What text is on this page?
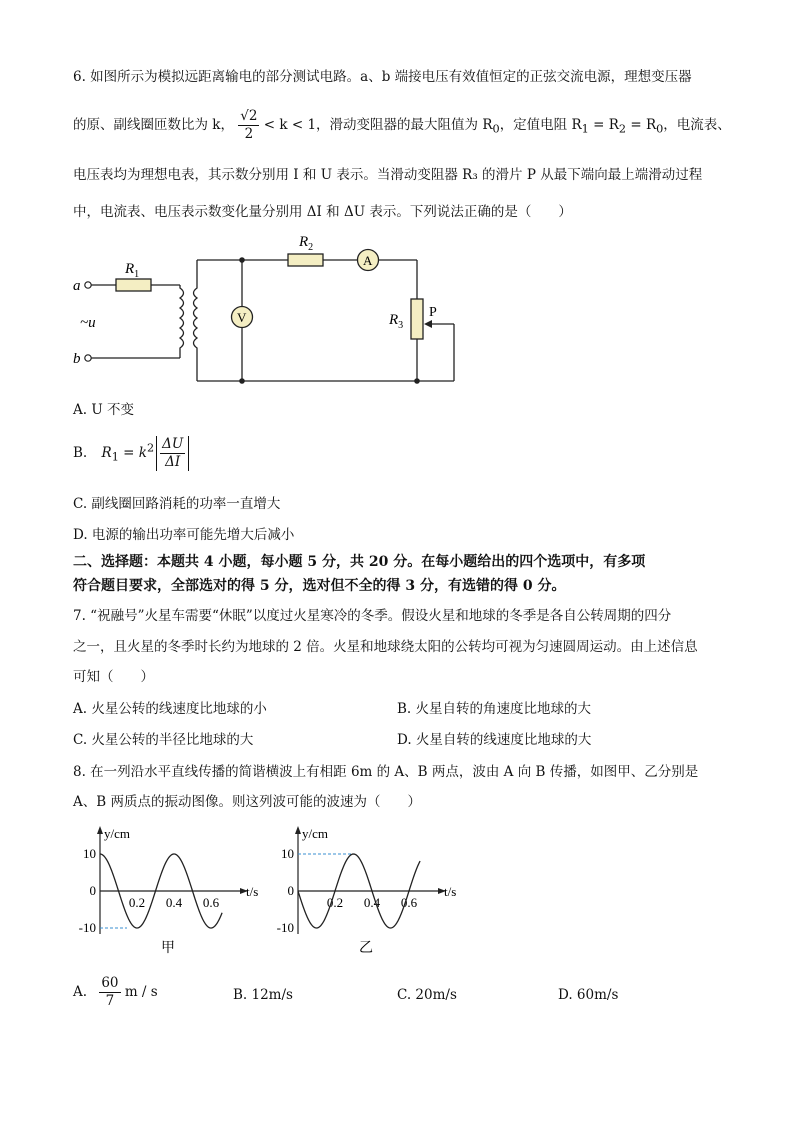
6. 如图所示为模拟远距离输电的部分测试电路。a、b 端接电压有效值恒定的正弦交流电源，理想变压器
的原、副线圈匝数比为 k， $\frac{√2}{2} < k < 1$，滑动变阻器的最大阻值为 $R_0$，定值电阻 $R_1 = R_2 = R_0$，电流表、
电压表均为理想电表，其示数分别用 I 和 U 表示。当滑动变阻器 R₃ 的滑片 P 从最下端向最上端滑动过程
中，电流表、电压表示数变化量分别用 ΔI 和 ΔU 表示。下列说法正确的是（　　）
a
b
~u
$R_1$
V
$R_2$
A
$R_3$
P
A. U 不变
B. $R_1 = k^2 \frac{\Delta U}{\Delta I}$
C. 副线圈回路消耗的功率一直增大
D. 电源的输出功率可能先增大后减小
二、选择题：本题共 4 小题，每小题 5 分，共 20 分。在每小题给出的四个选项中，有多项
符合题目要求，全部选对的得 5 分，选对但不全的得 3 分，有选错的得 0 分。
7. “祝融号”火星车需要“休眠”以度过火星寒冷的冬季。假设火星和地球的冬季是各自公转周期的四分
之一，且火星的冬季时长约为地球的 2 倍。火星和地球绕太阳的公转均可视为匀速圆周运动。由上述信息
可知（　　）
A. 火星公转的线速度比地球的小	B. 火星自转的角速度比地球的大
C. 火星公转的半径比地球的大	D. 火星自转的线速度比地球的大
8. 在一列沿水平直线传播的简谐横波上有相距 6m 的 A、B 两点，波由 A 向 B 传播，如图甲、乙分别是
A、B 两质点的振动图像。则这列波可能的波速为（　　）
y/cm
t/s
10
0
-10
0.2 0.4 0.6
甲
y/cm
t/s
10
0
-10
0.2 0.4 0.6
乙
A. $\frac{60}{7}$ m / s	B. 12m/s	C. 20m/s	D. 60m/s
